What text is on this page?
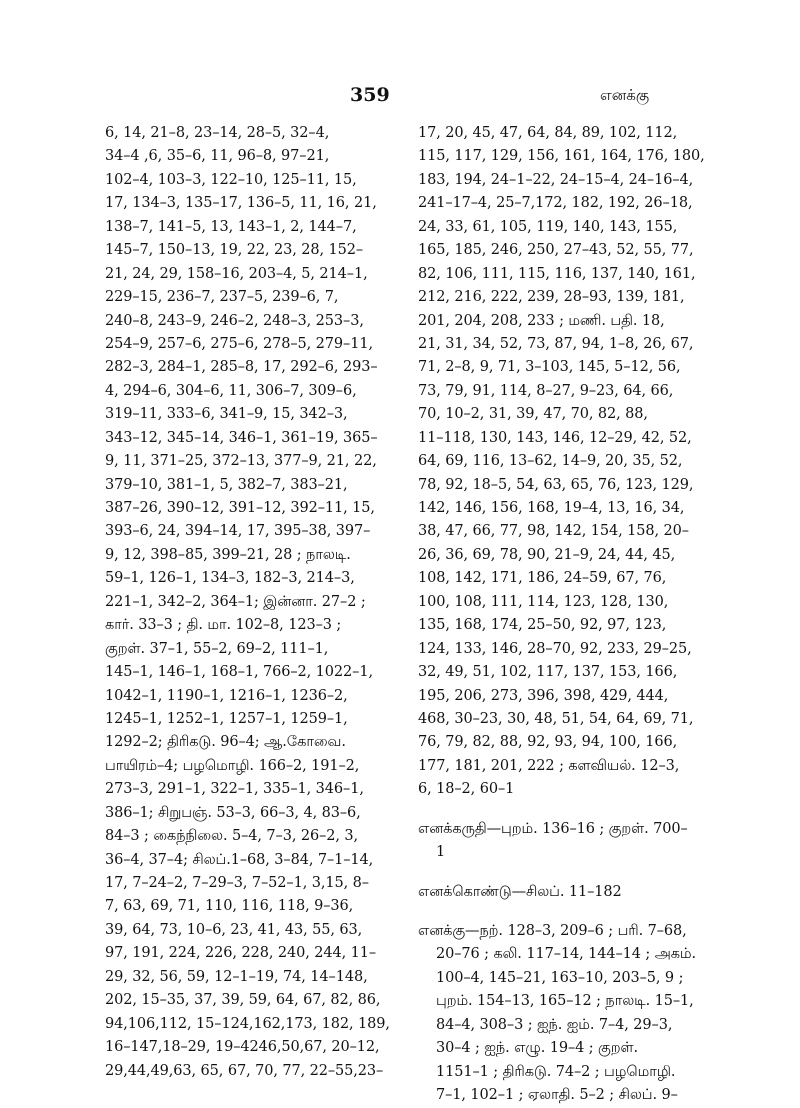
359	எனக்கு
6, 14, 21–8, 23–14, 28–5, 32–4,
34–4 ,6, 35–6, 11, 96–8, 97–21,
102–4, 103–3, 122–10, 125–11, 15,
17, 134–3, 135–17, 136–5, 11, 16, 21,
138–7, 141–5, 13, 143–1, 2, 144–7,
145–7, 150–13, 19, 22, 23, 28, 152–
21, 24, 29, 158–16, 203–4, 5, 214–1,
229–15, 236–7, 237–5, 239–6, 7,
240–8, 243–9, 246–2, 248–3, 253–3,
254–9, 257–6, 275–6, 278–5, 279–11,
282–3, 284–1, 285–8, 17, 292–6, 293–
4, 294–6, 304–6, 11, 306–7, 309–6,
319–11, 333–6, 341–9, 15, 342–3,
343–12, 345–14, 346–1, 361–19, 365–
9, 11, 371–25, 372–13, 377–9, 21, 22,
379–10, 381–1, 5, 382–7, 383–21,
387–26, 390–12, 391–12, 392–11, 15,
393–6, 24, 394–14, 17, 395–38, 397–
9, 12, 398–85, 399–21, 28 ; நாலடி.
59–1, 126–1, 134–3, 182–3, 214–3,
221–1, 342–2, 364–1; இன்னா. 27–2 ;
கார். 33–3 ; தி. மா. 102–8, 123–3 ;
குறள். 37–1, 55–2, 69–2, 111–1,
145–1, 146–1, 168–1, 766–2, 1022–1,
1042–1, 1190–1, 1216–1, 1236–2,
1245–1, 1252–1, 1257–1, 1259–1,
1292–2; திரிகடு. 96–4; ஆ.கோவை.
பாயிரம்–4; பழமொழி. 166–2, 191–2,
273–3, 291–1, 322–1, 335–1, 346–1,
386–1; சிறுபஞ். 53–3, 66–3, 4, 83–6,
84–3 ; கைந்நிலை. 5–4, 7–3, 26–2, 3,
36–4, 37–4; சிலப்.1–68, 3–84, 7–1–14,
17, 7–24–2, 7–29–3, 7–52–1, 3,15, 8–
7, 63, 69, 71, 110, 116, 118, 9–36,
39, 64, 73, 10–6, 23, 41, 43, 55, 63,
97, 191, 224, 226, 228, 240, 244, 11–
29, 32, 56, 59, 12–1–19, 74, 14–148,
202, 15–35, 37, 39, 59, 64, 67, 82, 86,
94,106,112, 15–124,162,173, 182, 189,
16–147,18–29, 19–4246,50,67, 20–12,
29,44,49,63, 65, 67, 70, 77, 22–55,23–
17, 20, 45, 47, 64, 84, 89, 102, 112,
115, 117, 129, 156, 161, 164, 176, 180,
183, 194, 24–1–22, 24–15–4, 24–16–4,
241–17–4, 25–7,172, 182, 192, 26–18,
24, 33, 61, 105, 119, 140, 143, 155,
165, 185, 246, 250, 27–43, 52, 55, 77,
82, 106, 111, 115, 116, 137, 140, 161,
212, 216, 222, 239, 28–93, 139, 181,
201, 204, 208, 233 ; மணி. பதி. 18,
21, 31, 34, 52, 73, 87, 94, 1–8, 26, 67,
71, 2–8, 9, 71, 3–103, 145, 5–12, 56,
73, 79, 91, 114, 8–27, 9–23, 64, 66,
70, 10–2, 31, 39, 47, 70, 82, 88,
11–118, 130, 143, 146, 12–29, 42, 52,
64, 69, 116, 13–62, 14–9, 20, 35, 52,
78, 92, 18–5, 54, 63, 65, 76, 123, 129,
142, 146, 156, 168, 19–4, 13, 16, 34,
38, 47, 66, 77, 98, 142, 154, 158, 20–
26, 36, 69, 78, 90, 21–9, 24, 44, 45,
108, 142, 171, 186, 24–59, 67, 76,
100, 108, 111, 114, 123, 128, 130,
135, 168, 174, 25–50, 92, 97, 123,
124, 133, 146, 28–70, 92, 233, 29–25,
32, 49, 51, 102, 117, 137, 153, 166,
195, 206, 273, 396, 398, 429, 444,
468, 30–23, 30, 48, 51, 54, 64, 69, 71,
76, 79, 82, 88, 92, 93, 94, 100, 166,
177, 181, 201, 222 ; களவியல். 12–3,
6, 18–2, 60–1
எனக்கருதி—புறம். 136–16 ; குறள். 700–
1
எனக்கொண்டு—சிலப். 11–182
எனக்கு—நற். 128–3, 209–6 ; பரி. 7–68,
20–76 ; கலி. 117–14, 144–14 ; அகம்.
100–4, 145–21, 163–10, 203–5, 9 ;
புறம். 154–13, 165–12 ; நாலடி. 15–1,
84–4, 308–3 ; ஐந். ஐம். 7–4, 29–3,
30–4 ; ஐந். எழு. 19–4 ; குறள்.
1151–1 ; திரிகடு. 74–2 ; பழமொழி.
7–1, 102–1 ; ஏலாதி. 5–2 ; சிலப். 9–
